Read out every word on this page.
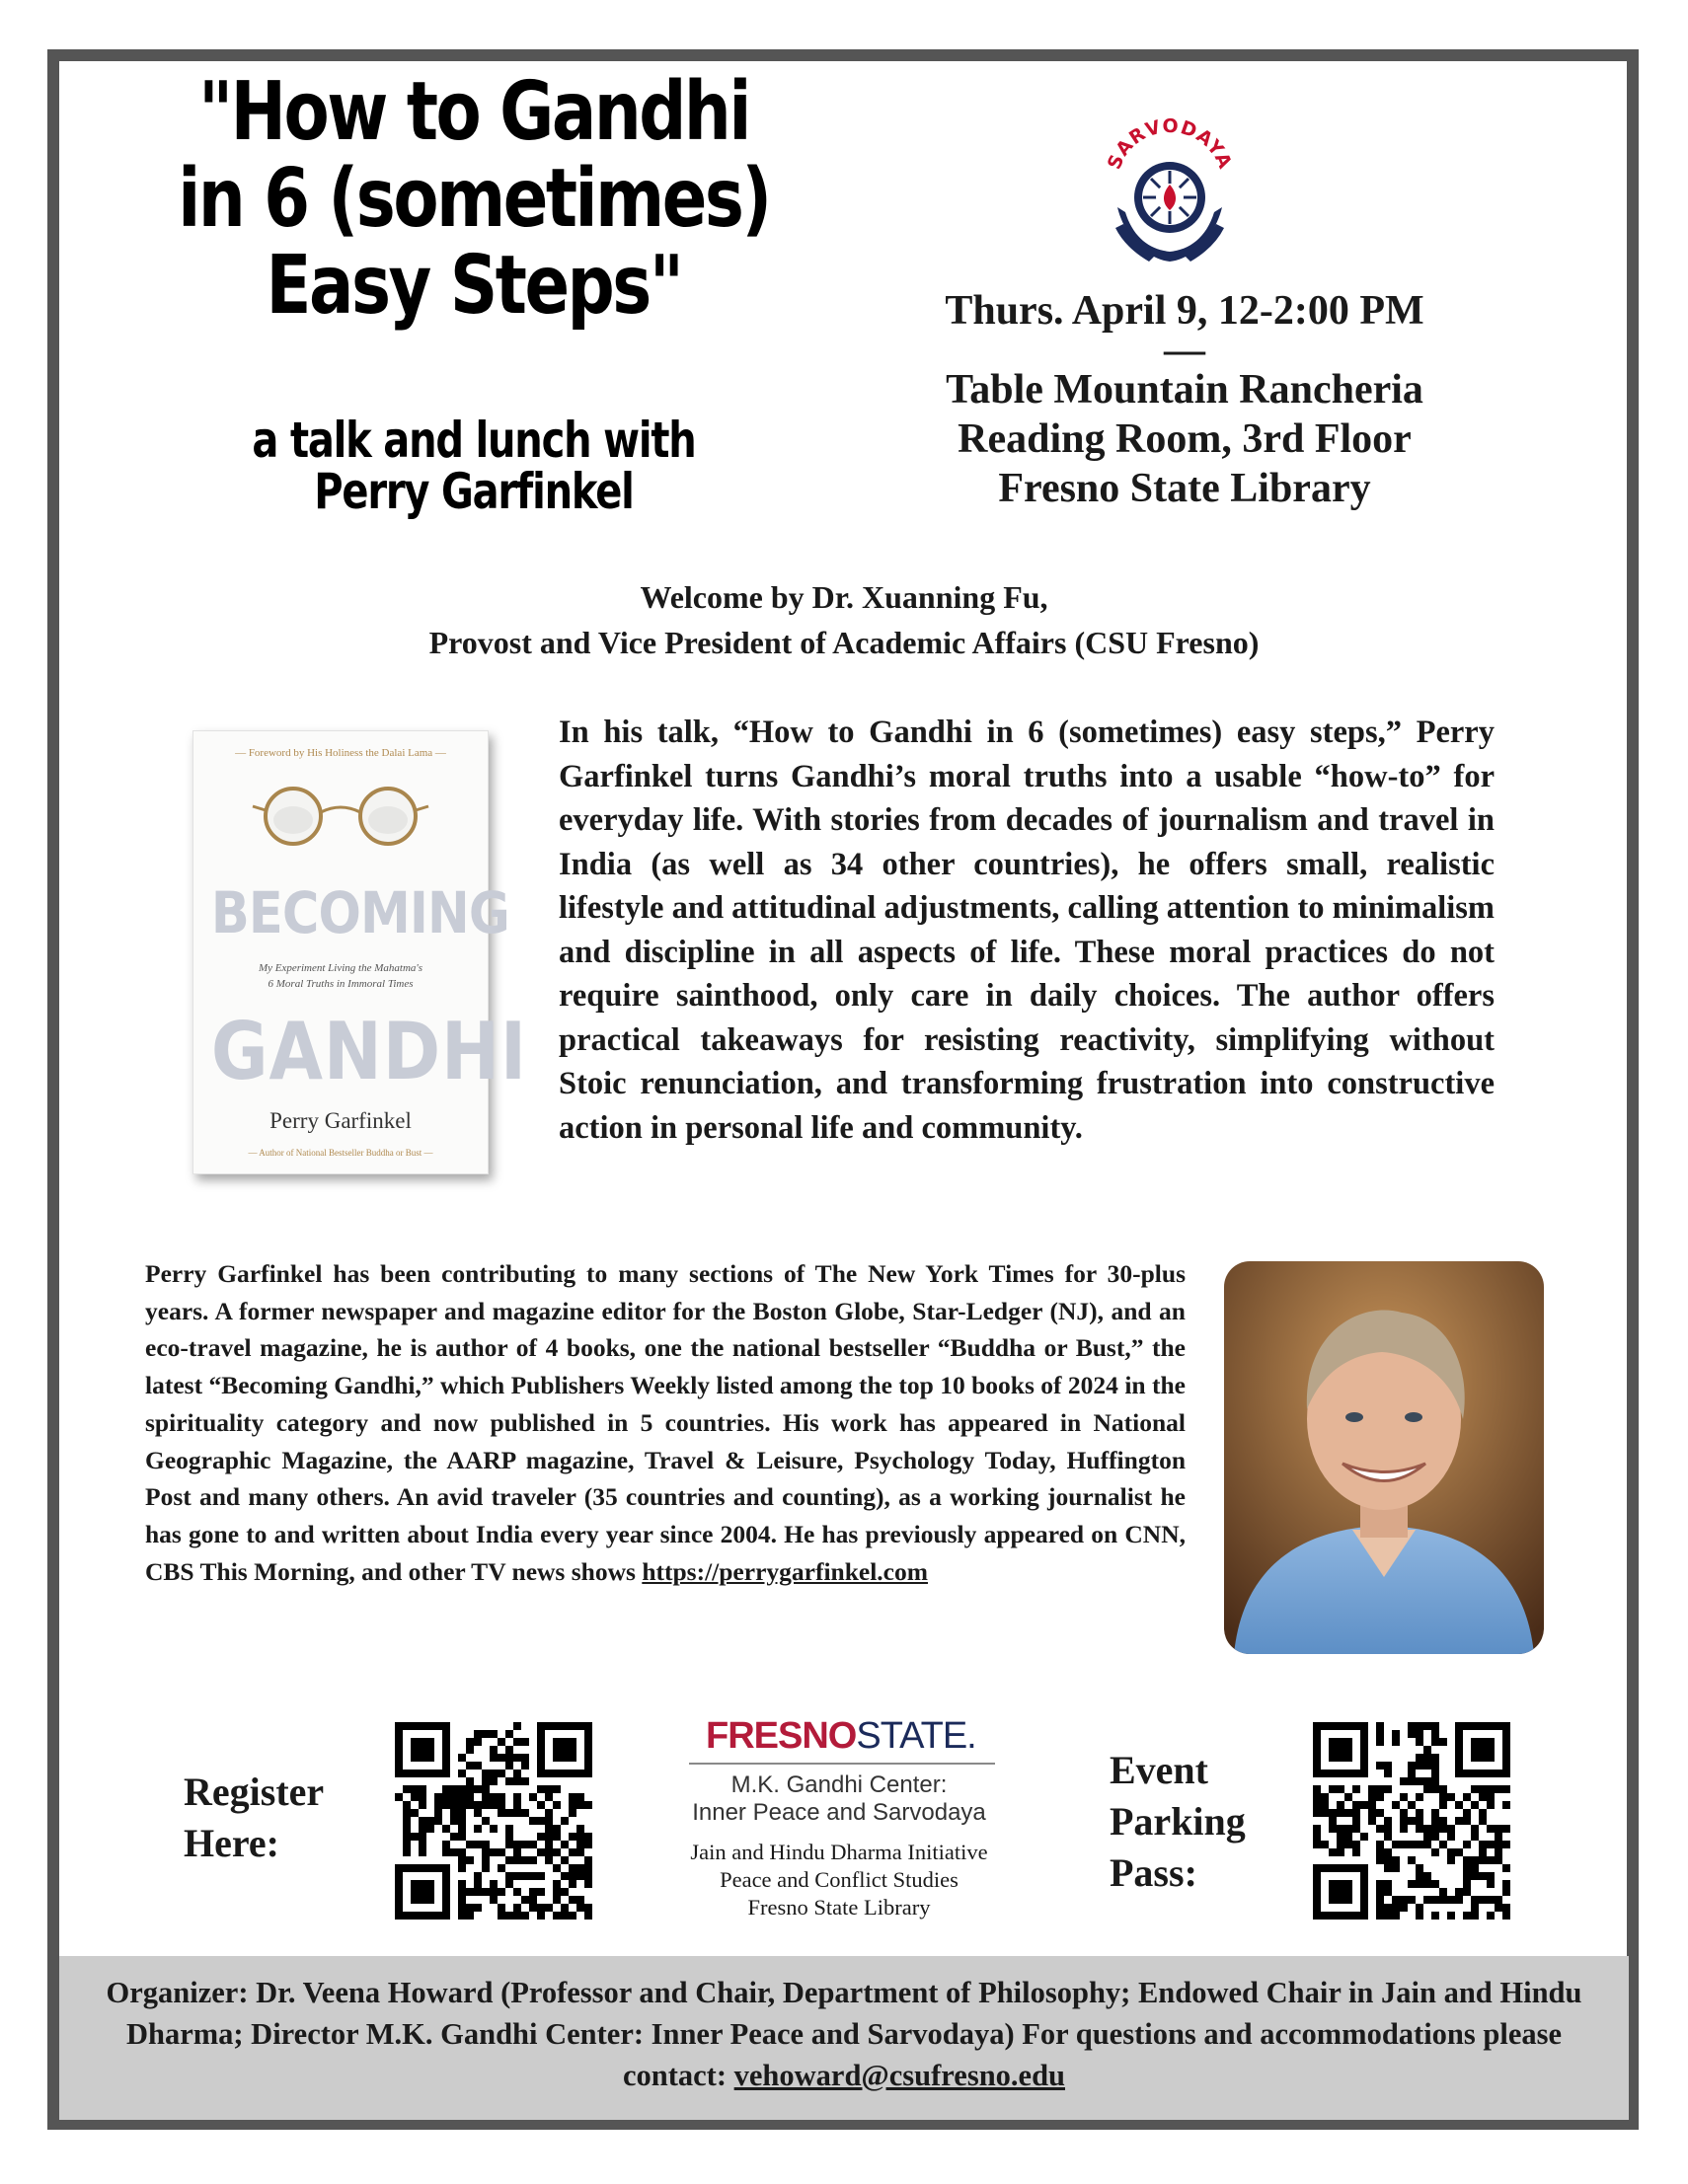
"How to Gandhi
in 6 (sometimes)
Easy Steps"
a talk and lunch with
Perry Garfinkel
SARVODAYA
Thurs. April 9, 12-2:00 PM
—
Table Mountain Rancheria
Reading Room, 3rd Floor
Fresno State Library
Welcome by Dr. Xuanning Fu,
Provost and Vice President of Academic Affairs (CSU Fresno)
— Foreword by His Holiness the Dalai Lama —
BECOMING
My Experiment Living the Mahatma's
6 Moral Truths in Immoral Times
GANDHI
Perry Garfinkel
— Author of National Bestseller Buddha or Bust —
In his talk, “How to Gandhi in 6 (sometimes) easy steps,” Perry Garfinkel turns Gandhi’s moral truths into a usable “how-to” for everyday life. With stories from decades of journalism and travel in India (as well as 34 other countries), he offers small, realistic lifestyle and attitudinal adjustments, calling attention to minimalism and discipline in all aspects of life. These moral practices do not require sainthood, only care in daily choices. The author offers practical takeaways for resisting reactivity, simplifying without Stoic renunciation, and transforming frustration into constructive action in personal life and community.
Perry Garfinkel has been contributing to many sections of The New York Times for 30-plus years. A former newspaper and magazine editor for the Boston Globe, Star-Ledger (NJ), and an eco-travel magazine, he is author of 4 books, one the national bestseller “Buddha or Bust,” the latest “Becoming Gandhi,” which Publishers Weekly listed among the top 10 books of 2024 in the spirituality category and now published in 5 countries. His work has appeared in National Geographic Magazine, the AARP magazine, Travel & Leisure, Psychology Today, Huffington Post and many others. An avid traveler (35 countries and counting), as a working journalist he has gone to and written about India every year since 2004. He has previously appeared on CNN, CBS This Morning, and other TV news shows https://perrygarfinkel.com
Register
Here:
FRESNOSTATE.
M.K. Gandhi Center:
Inner Peace and Sarvodaya
Jain and Hindu Dharma Initiative
Peace and Conflict Studies
Fresno State Library
Event
Parking
Pass:
Organizer: Dr. Veena Howard (Professor and Chair, Department of Philosophy; Endowed Chair in Jain and Hindu Dharma; Director M.K. Gandhi Center: Inner Peace and Sarvodaya) For questions and accommodations please contact: vehoward@csufresno.edu
